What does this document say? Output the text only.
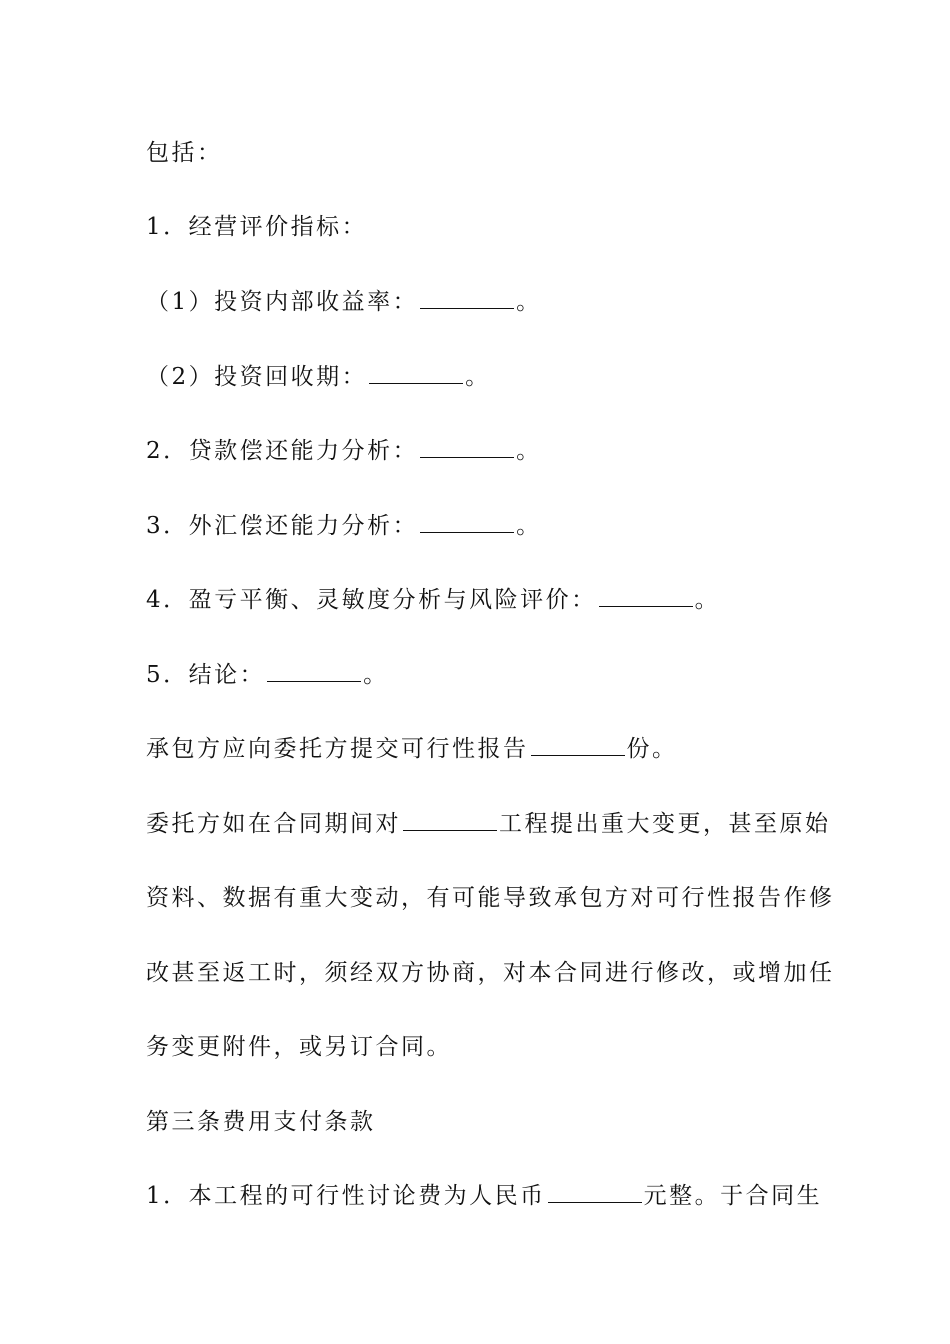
包括：
1．经营评价指标：
（1）投资内部收益率：	。
（2）投资回收期：	。
2．贷款偿还能力分析：	。
3．外汇偿还能力分析：	。
4．盈亏平衡、灵敏度分析与风险评价：	。
5．结论：	。
承包方应向委托方提交可行性报告	份。
委托方如在合同期间对	工程提出重大变更，甚至原始
资料、数据有重大变动，有可能导致承包方对可行性报告作修
改甚至返工时，须经双方协商，对本合同进行修改，或增加任
务变更附件，或另订合同。
第三条费用支付条款
1．本工程的可行性讨论费为人民币	元整。于合同生
